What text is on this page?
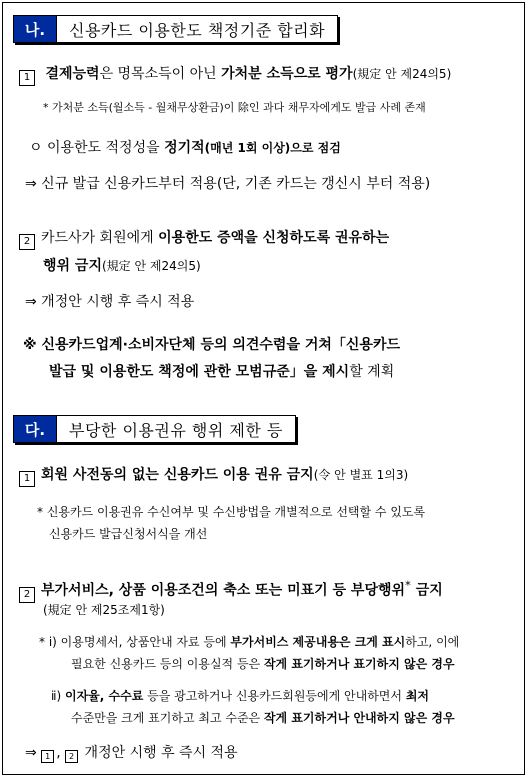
나.	신용카드 이용한도 책정기준 합리화
1 결제능력은 명목소득이 아닌 가처분 소득으로 평가(規定 안 제24의5)
* 가처분 소득(월소득 - 월채무상환금)이 除인 과다 채무자에게도 발급 사례 존재
ㅇ 이용한도 적정성을 정기적(매년 1회 이상)으로 점검
⇒ 신규 발급 신용카드부터 적용(단, 기존 카드는 갱신시 부터 적용)
2 카드사가 회원에게 이용한도 증액을 신청하도록 권유하는
행위 금지(規定 안 제24의5)
⇒ 개정안 시행 후 즉시 적용
※ 신용카드업계·소비자단체 등의 의견수렴을 거쳐「신용카드
발급 및 이용한도 책정에 관한 모범규준」을 제시할 계획
다.	부당한 이용권유 행위 제한 등
1 회원 사전동의 없는 신용카드 이용 권유 금지(令 안 별표 1의3)
* 신용카드 이용권유 수신여부 및 수신방법을 개별적으로 선택할 수 있도록
신용카드 발급신청서식을 개선
2 부가서비스, 상품 이용조건의 축소 또는 미표기 등 부당행위* 금지
(規定 안 제25조제1항)
* ⅰ) 이용명세서, 상품안내 자료 등에 부가서비스 제공내용은 크게 표시하고, 이에
필요한 신용카드 등의 이용실적 등은 작게 표기하거나 표기하지 않은 경우
ⅱ) 이자율, 수수료 등을 광고하거나 신용카드회원등에게 안내하면서 최저
수준만을 크게 표기하고 최고 수준은 작게 표기하거나 안내하지 않은 경우
⇒ 1 , 2 개정안 시행 후 즉시 적용
